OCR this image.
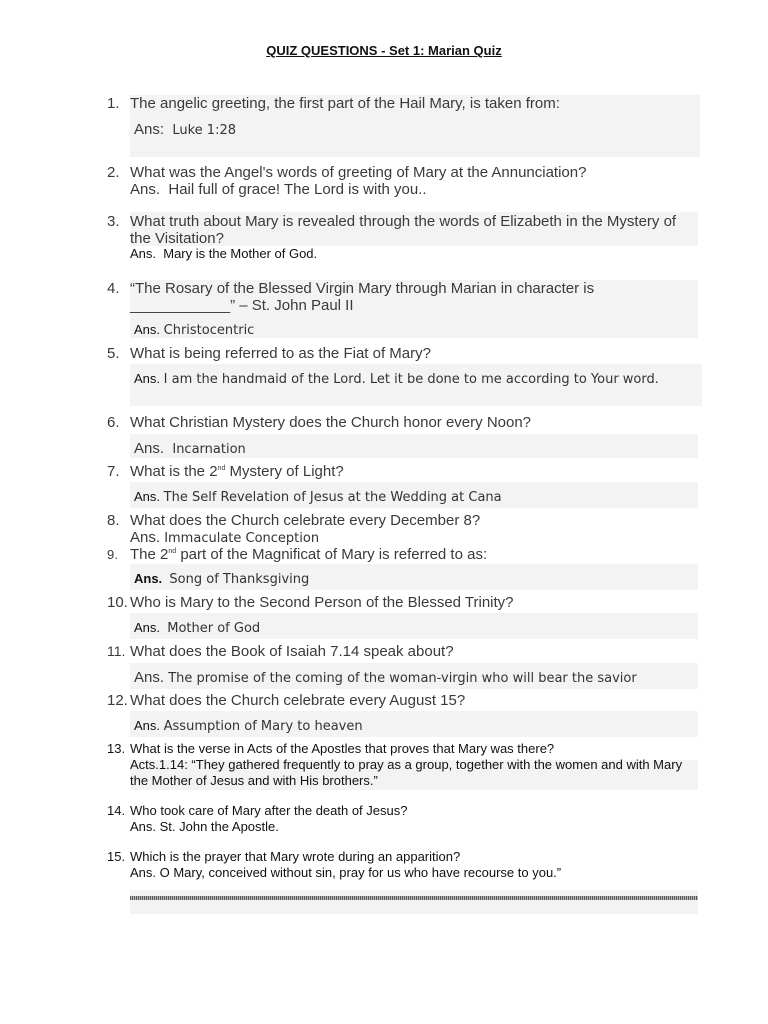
QUIZ QUESTIONS - Set 1: Marian Quiz
1. The angelic greeting, the first part of the Hail Mary, is taken from:
Ans: Luke 1:28
2. What was the Angel's words of greeting of Mary at the Annunciation?
Ans. Hail full of grace! The Lord is with you..
3. What truth about Mary is revealed through the words of Elizabeth in the Mystery of the Visitation?
Ans. Mary is the Mother of God.
4. “The Rosary of the Blessed Virgin Mary through Marian in character is ____________” – St. John Paul II
Ans. Christocentric
5. What is being referred to as the Fiat of Mary?
Ans. I am the handmaid of the Lord. Let it be done to me according to Your word.
6. What Christian Mystery does the Church honor every Noon?
Ans. Incarnation
7. What is the 2nd Mystery of Light?
Ans. The Self Revelation of Jesus at the Wedding at Cana
8. What does the Church celebrate every December 8?
Ans. Immaculate Conception
9. The 2nd part of the Magnificat of Mary is referred to as:
Ans. Song of Thanksgiving
10. Who is Mary to the Second Person of the Blessed Trinity?
Ans. Mother of God
11. What does the Book of Isaiah 7.14 speak about?
Ans. The promise of the coming of the woman-virgin who will bear the savior
12. What does the Church celebrate every August 15?
Ans. Assumption of Mary to heaven
13. What is the verse in Acts of the Apostles that proves that Mary was there?
Acts.1.14: “They gathered frequently to pray as a group, together with the women and with Mary the Mother of Jesus and with His brothers.”
14. Who took care of Mary after the death of Jesus?
Ans. St. John the Apostle.
15. Which is the prayer that Mary wrote during an apparition?
Ans. O Mary, conceived without sin, pray for us who have recourse to you.”
